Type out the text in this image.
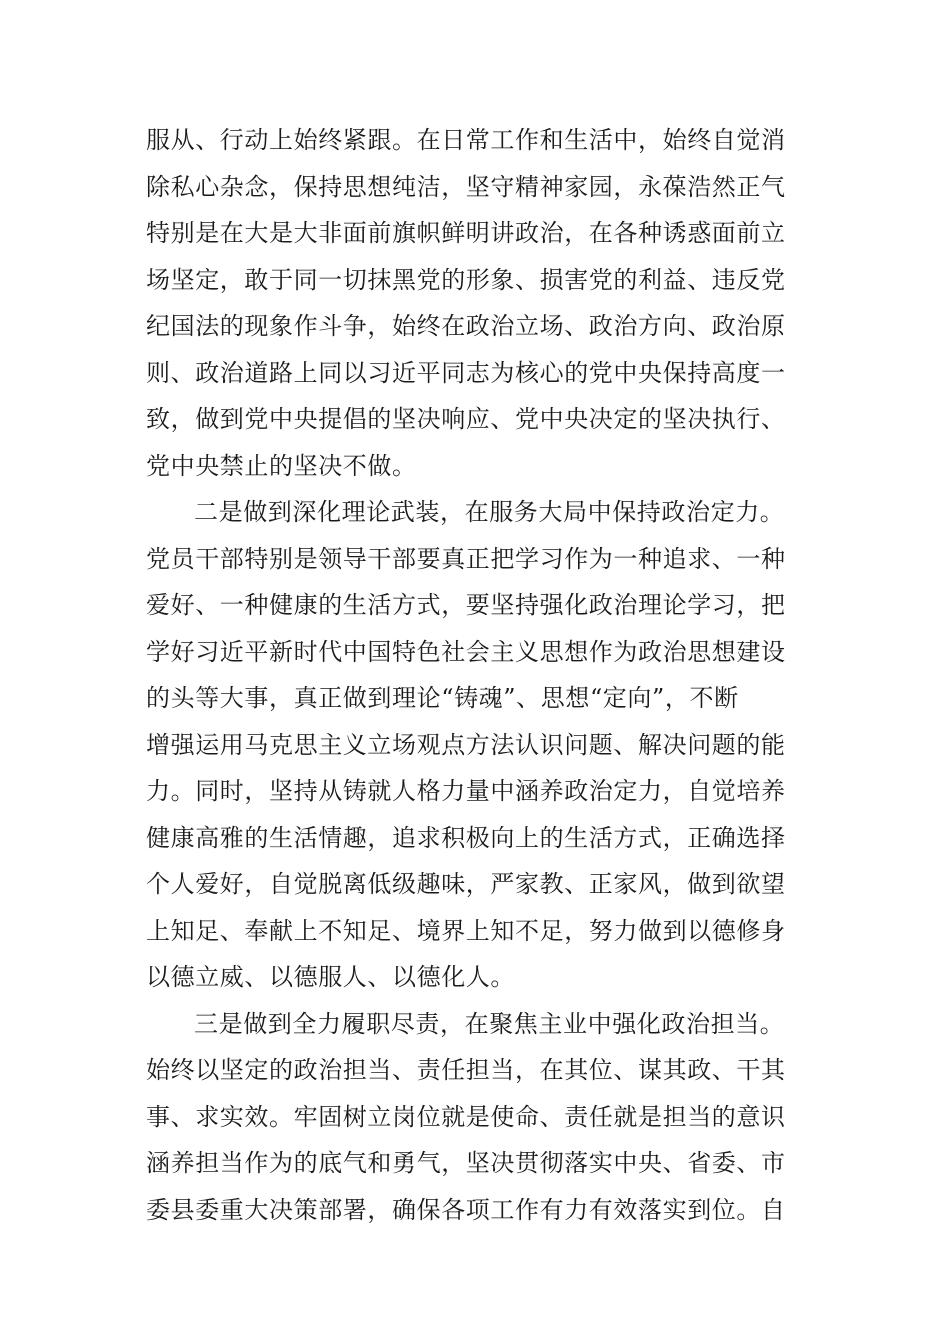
服从、行动上始终紧跟。在日常工作和生活中，始终自觉消
除私心杂念，保持思想纯洁，坚守精神家园，永葆浩然正气
特别是在大是大非面前旗帜鲜明讲政治，在各种诱惑面前立
场坚定，敢于同一切抹黑党的形象、损害党的利益、违反党
纪国法的现象作斗争，始终在政治立场、政治方向、政治原
则、政治道路上同以习近平同志为核心的党中央保持高度一
致，做到党中央提倡的坚决响应、党中央决定的坚决执行、
党中央禁止的坚决不做。
二是做到深化理论武装，在服务大局中保持政治定力。
党员干部特别是领导干部要真正把学习作为一种追求、一种
爱好、一种健康的生活方式，要坚持强化政治理论学习，把
学好习近平新时代中国特色社会主义思想作为政治思想建设
的头等大事，真正做到理论“铸魂”、思想“定向”，不断
增强运用马克思主义立场观点方法认识问题、解决问题的能
力。同时，坚持从铸就人格力量中涵养政治定力，自觉培养
健康高雅的生活情趣，追求积极向上的生活方式，正确选择
个人爱好，自觉脱离低级趣味，严家教、正家风，做到欲望
上知足、奉献上不知足、境界上知不足，努力做到以德修身
以德立威、以德服人、以德化人。
三是做到全力履职尽责，在聚焦主业中强化政治担当。
始终以坚定的政治担当、责任担当，在其位、谋其政、干其
事、求实效。牢固树立岗位就是使命、责任就是担当的意识
涵养担当作为的底气和勇气，坚决贯彻落实中央、省委、市
委县委重大决策部署，确保各项工作有力有效落实到位。自
